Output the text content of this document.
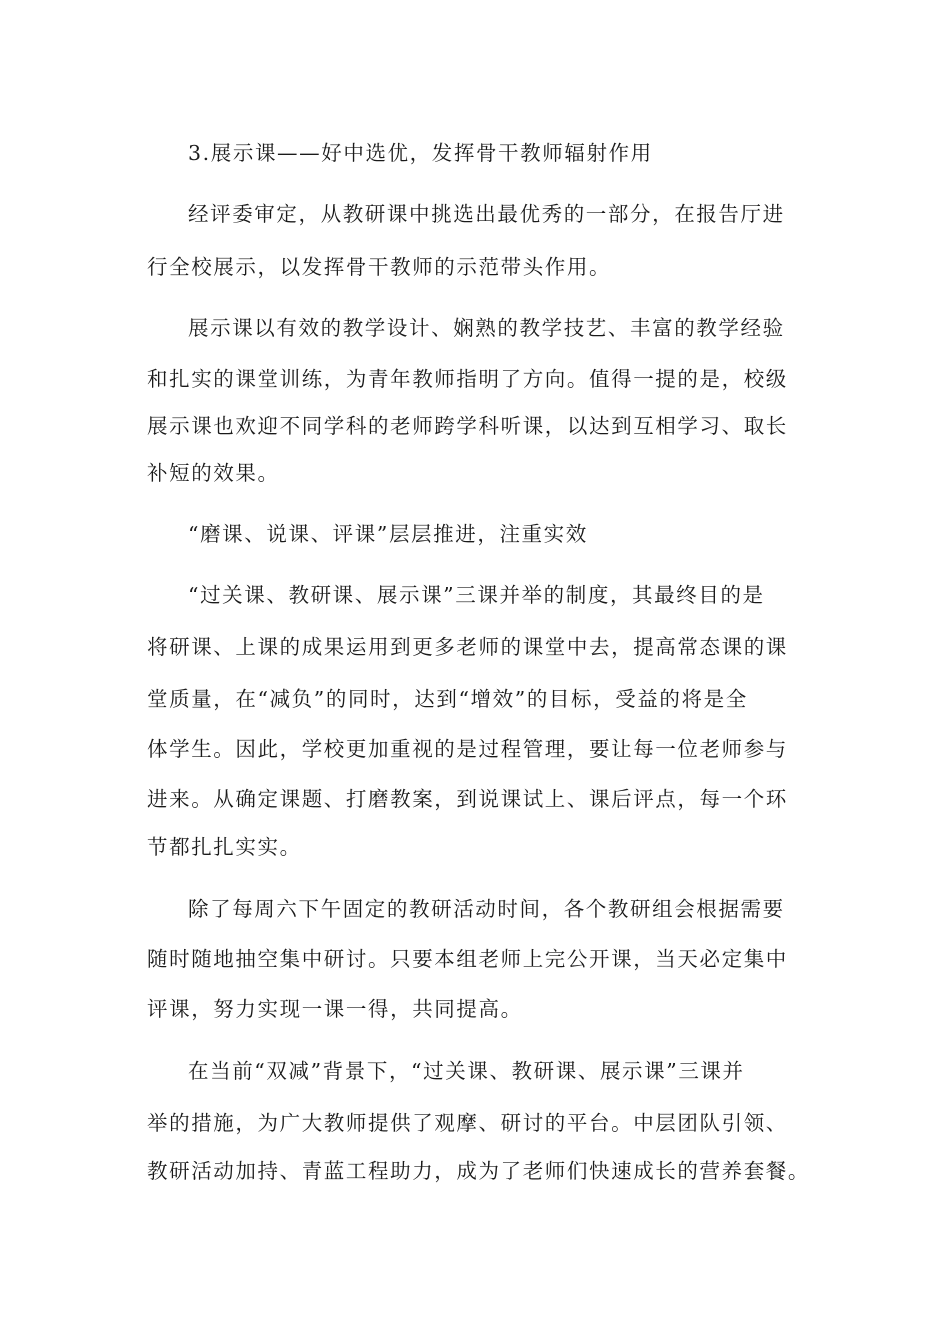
3.展示课——好中选优，发挥骨干教师辐射作用

经评委审定，从教研课中挑选出最优秀的一部分，在报告厅进

行全校展示，以发挥骨干教师的示范带头作用。

展示课以有效的教学设计、娴熟的教学技艺、丰富的教学经验

和扎实的课堂训练，为青年教师指明了方向。值得一提的是，校级

展示课也欢迎不同学科的老师跨学科听课，以达到互相学习、取长

补短的效果。

“磨课、说课、评课”层层推进，注重实效

“过关课、教研课、展示课”三课并举的制度，其最终目的是

将研课、上课的成果运用到更多老师的课堂中去，提高常态课的课

堂质量，在“减负”的同时，达到“增效”的目标，受益的将是全

体学生。因此，学校更加重视的是过程管理，要让每一位老师参与

进来。从确定课题、打磨教案，到说课试上、课后评点，每一个环

节都扎扎实实。

除了每周六下午固定的教研活动时间，各个教研组会根据需要

随时随地抽空集中研讨。只要本组老师上完公开课，当天必定集中

评课，努力实现一课一得，共同提高。

在当前“双减”背景下，“过关课、教研课、展示课”三课并

举的措施，为广大教师提供了观摩、研讨的平台。中层团队引领、

教研活动加持、青蓝工程助力，成为了老师们快速成长的营养套餐。
